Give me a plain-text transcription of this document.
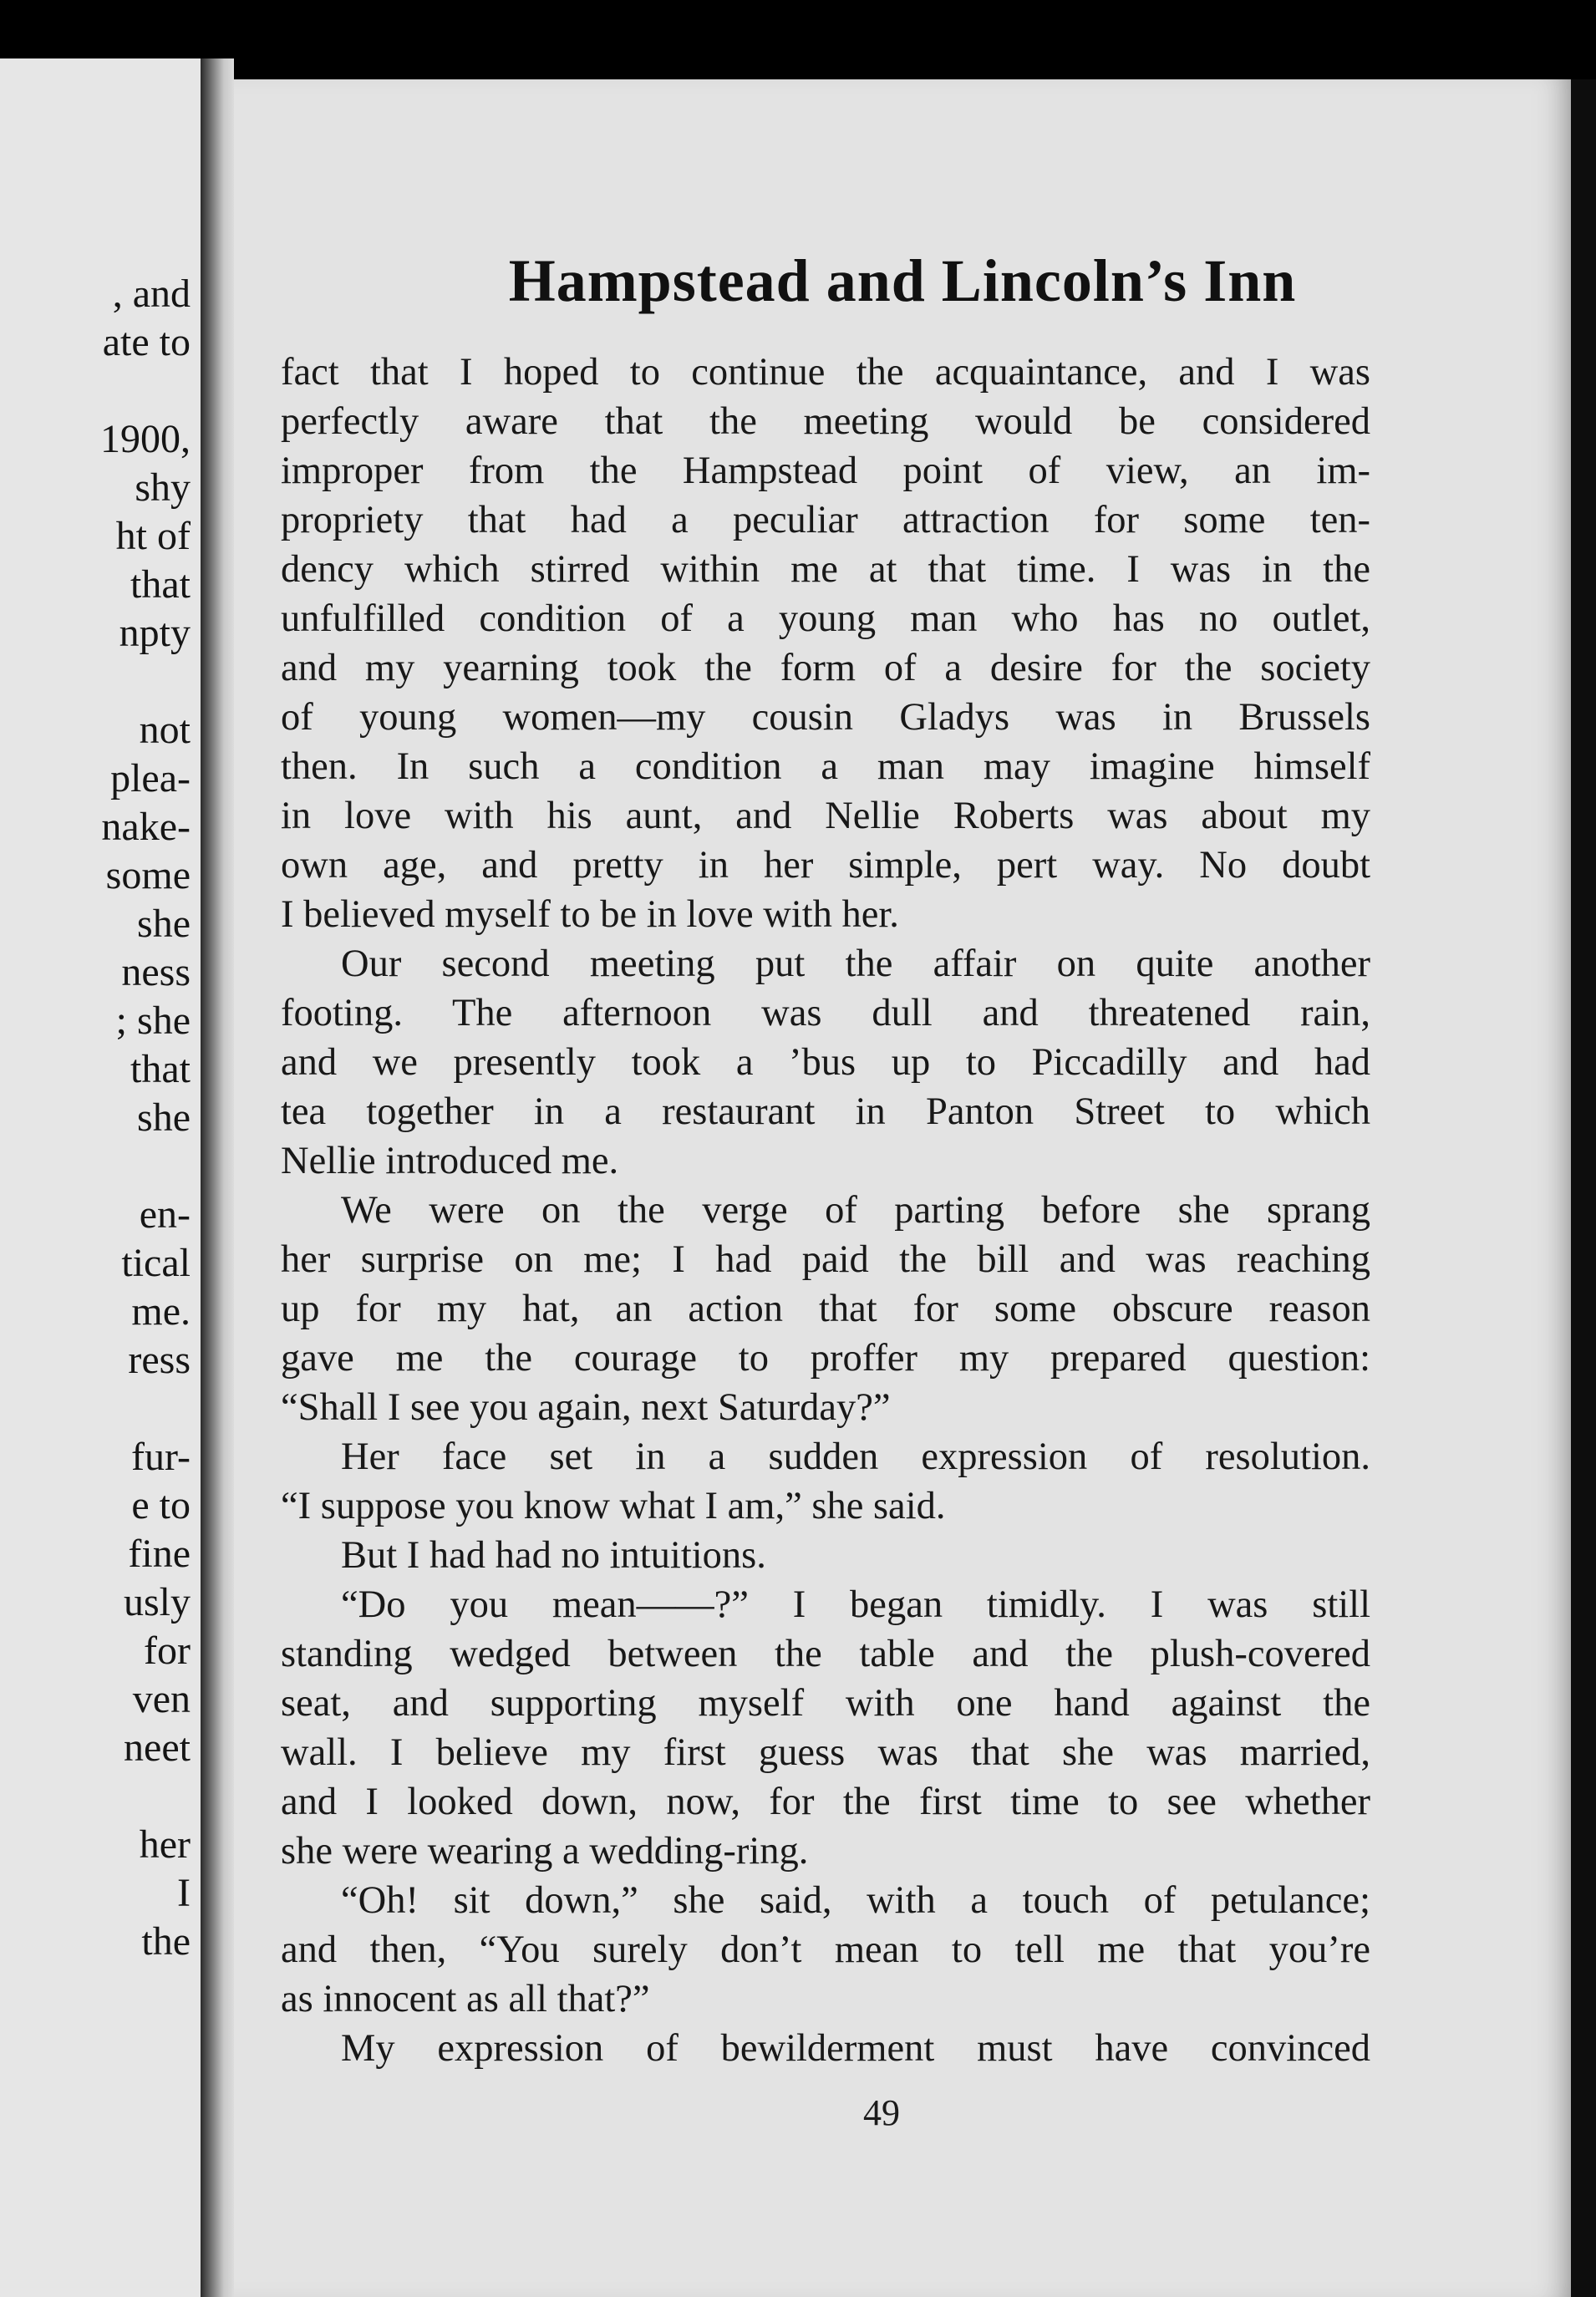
, and
ate to
1900,
shy
ht of
that
npty
not
plea-
nake-
some
she
ness
; she
that
she
en-
tical
me.
ress
fur-
e to
fine
usly
for
ven
neet
her
I
the
Hampstead and Lincoln’s Inn
fact that I hoped to continue the acquaintance, and I was
perfectly aware that the meeting would be considered
improper from the Hampstead point of view, an im-
propriety that had a peculiar attraction for some ten-
dency which stirred within me at that time. I was in the
unfulfilled condition of a young man who has no outlet,
and my yearning took the form of a desire for the society
of young women—my cousin Gladys was in Brussels
then. In such a condition a man may imagine himself
in love with his aunt, and Nellie Roberts was about my
own age, and pretty in her simple, pert way. No doubt
I believed myself to be in love with her.
Our second meeting put the affair on quite another
footing. The afternoon was dull and threatened rain,
and we presently took a ’bus up to Piccadilly and had
tea together in a restaurant in Panton Street to which
Nellie introduced me.
We were on the verge of parting before she sprang
her surprise on me; I had paid the bill and was reaching
up for my hat, an action that for some obscure reason
gave me the courage to proffer my prepared question:
“Shall I see you again, next Saturday?”
Her face set in a sudden expression of resolution.
“I suppose you know what I am,” she said.
But I had had no intuitions.
“Do you mean——?” I began timidly. I was still
standing wedged between the table and the plush-covered
seat, and supporting myself with one hand against the
wall. I believe my first guess was that she was married,
and I looked down, now, for the first time to see whether
she were wearing a wedding-ring.
“Oh! sit down,” she said, with a touch of petulance;
and then, “You surely don’t mean to tell me that you’re
as innocent as all that?”
My expression of bewilderment must have convinced
49
